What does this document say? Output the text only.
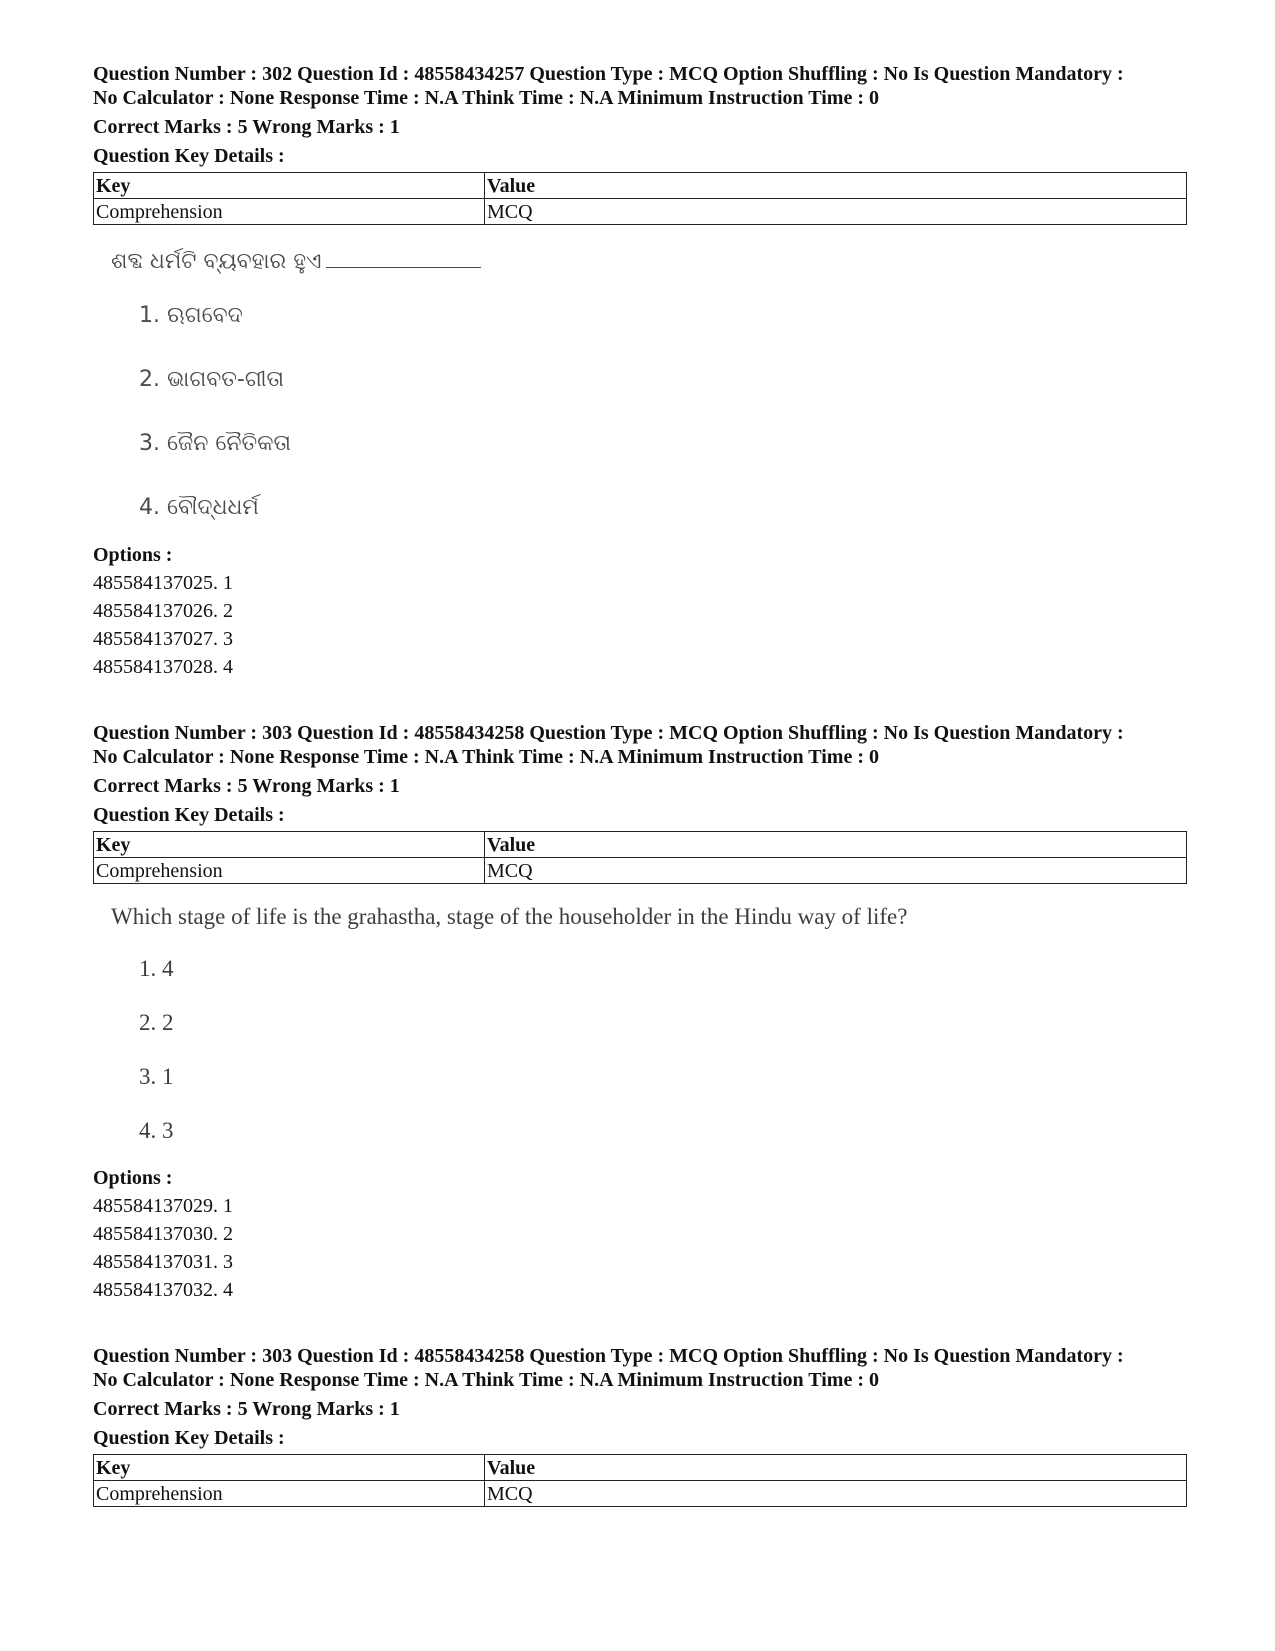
Question Number : 302 Question Id : 48558434257 Question Type : MCQ Option Shuffling : No Is Question Mandatory :

No Calculator : None Response Time : N.A Think Time : N.A Minimum Instruction Time : 0

Correct Marks : 5 Wrong Marks : 1
Question Key Details :
Key	Value
Comprehension	MCQ
ଶବ୍ଦ ଧର୍ମଟି ବ୍ୟବହାର ହୁଏ
1. ଋଗବେଦ
2. ଭାଗବତ-ଗୀତା
3. ଜୈନ ନୈତିକତା
4. ବୌଦ୍ଧଧର୍ମ
Options :
485584137025. 1
485584137026. 2
485584137027. 3
485584137028. 4

Question Number : 303 Question Id : 48558434258 Question Type : MCQ Option Shuffling : No Is Question Mandatory :

No Calculator : None Response Time : N.A Think Time : N.A Minimum Instruction Time : 0

Correct Marks : 5 Wrong Marks : 1
Question Key Details :
Key	Value
Comprehension	MCQ
Which stage of life is the grahastha, stage of the householder in the Hindu way of life?
1. 4
2. 2
3. 1
4. 3
Options :
485584137029. 1
485584137030. 2
485584137031. 3
485584137032. 4

Question Number : 303 Question Id : 48558434258 Question Type : MCQ Option Shuffling : No Is Question Mandatory :

No Calculator : None Response Time : N.A Think Time : N.A Minimum Instruction Time : 0

Correct Marks : 5 Wrong Marks : 1
Question Key Details :
Key	Value
Comprehension	MCQ
